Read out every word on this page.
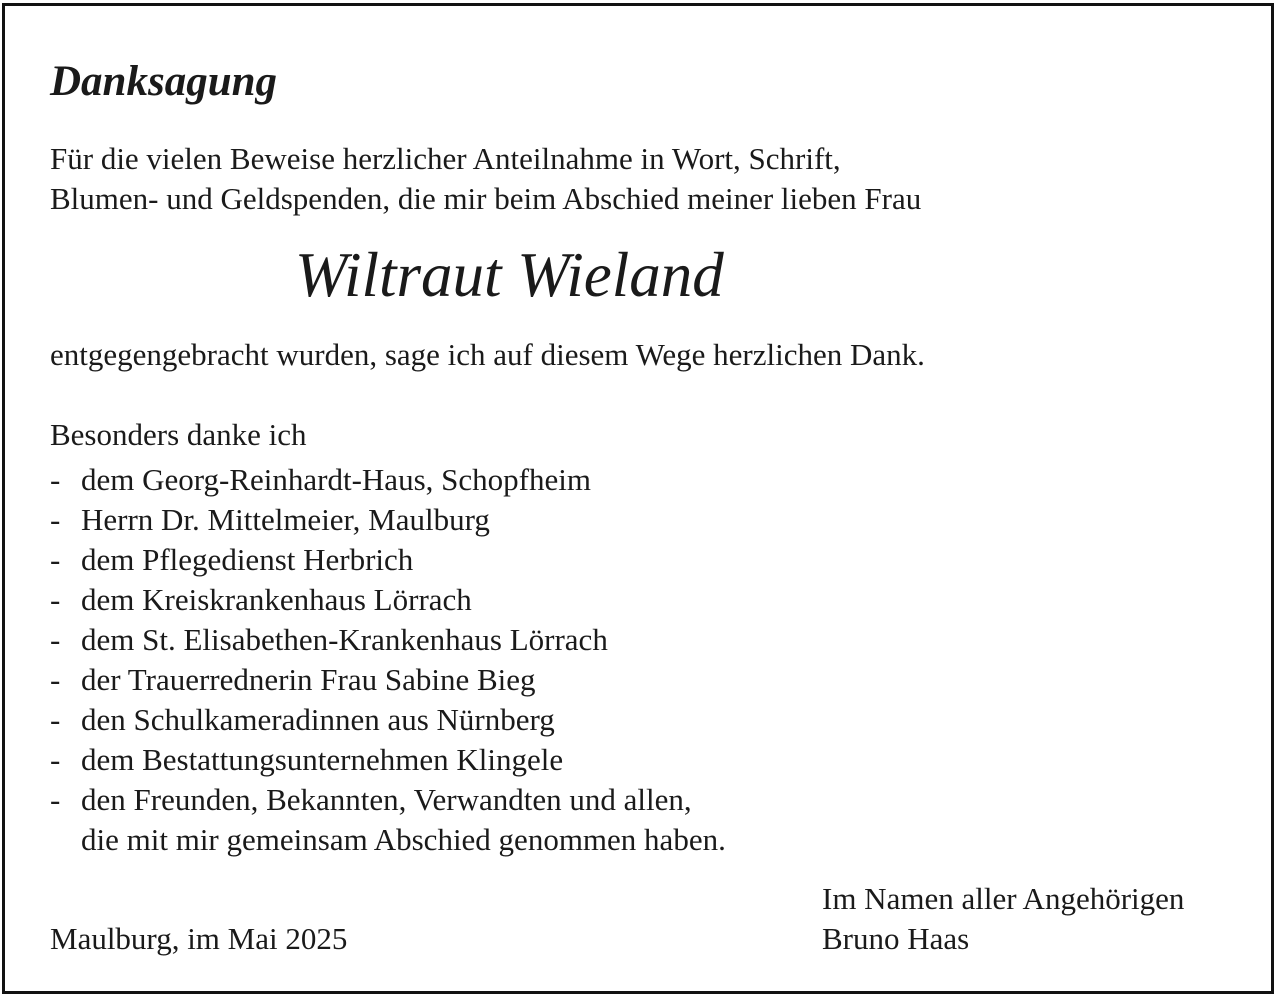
Danksagung

Für die vielen Beweise herzlicher Anteilnahme in Wort, Schrift,
Blumen- und Geldspenden, die mir beim Abschied meiner lieben Frau

Wiltraut Wieland

entgegengebracht wurden, sage ich auf diesem Wege herzlichen Dank.

Besonders danke ich

- dem Georg-Reinhardt-Haus, Schopfheim
- Herrn Dr. Mittelmeier, Maulburg
- dem Pflegedienst Herbrich
- dem Kreiskrankenhaus Lörrach
- dem St. Elisabethen-Krankenhaus Lörrach
- der Trauerrednerin Frau Sabine Bieg
- den Schulkameradinnen aus Nürnberg
- dem Bestattungsunternehmen Klingele
- den Freunden, Bekannten, Verwandten und allen,
die mit mir gemeinsam Abschied genommen haben.

Maulburg, im Mai 2025

Im Namen aller Angehörigen
Bruno Haas
